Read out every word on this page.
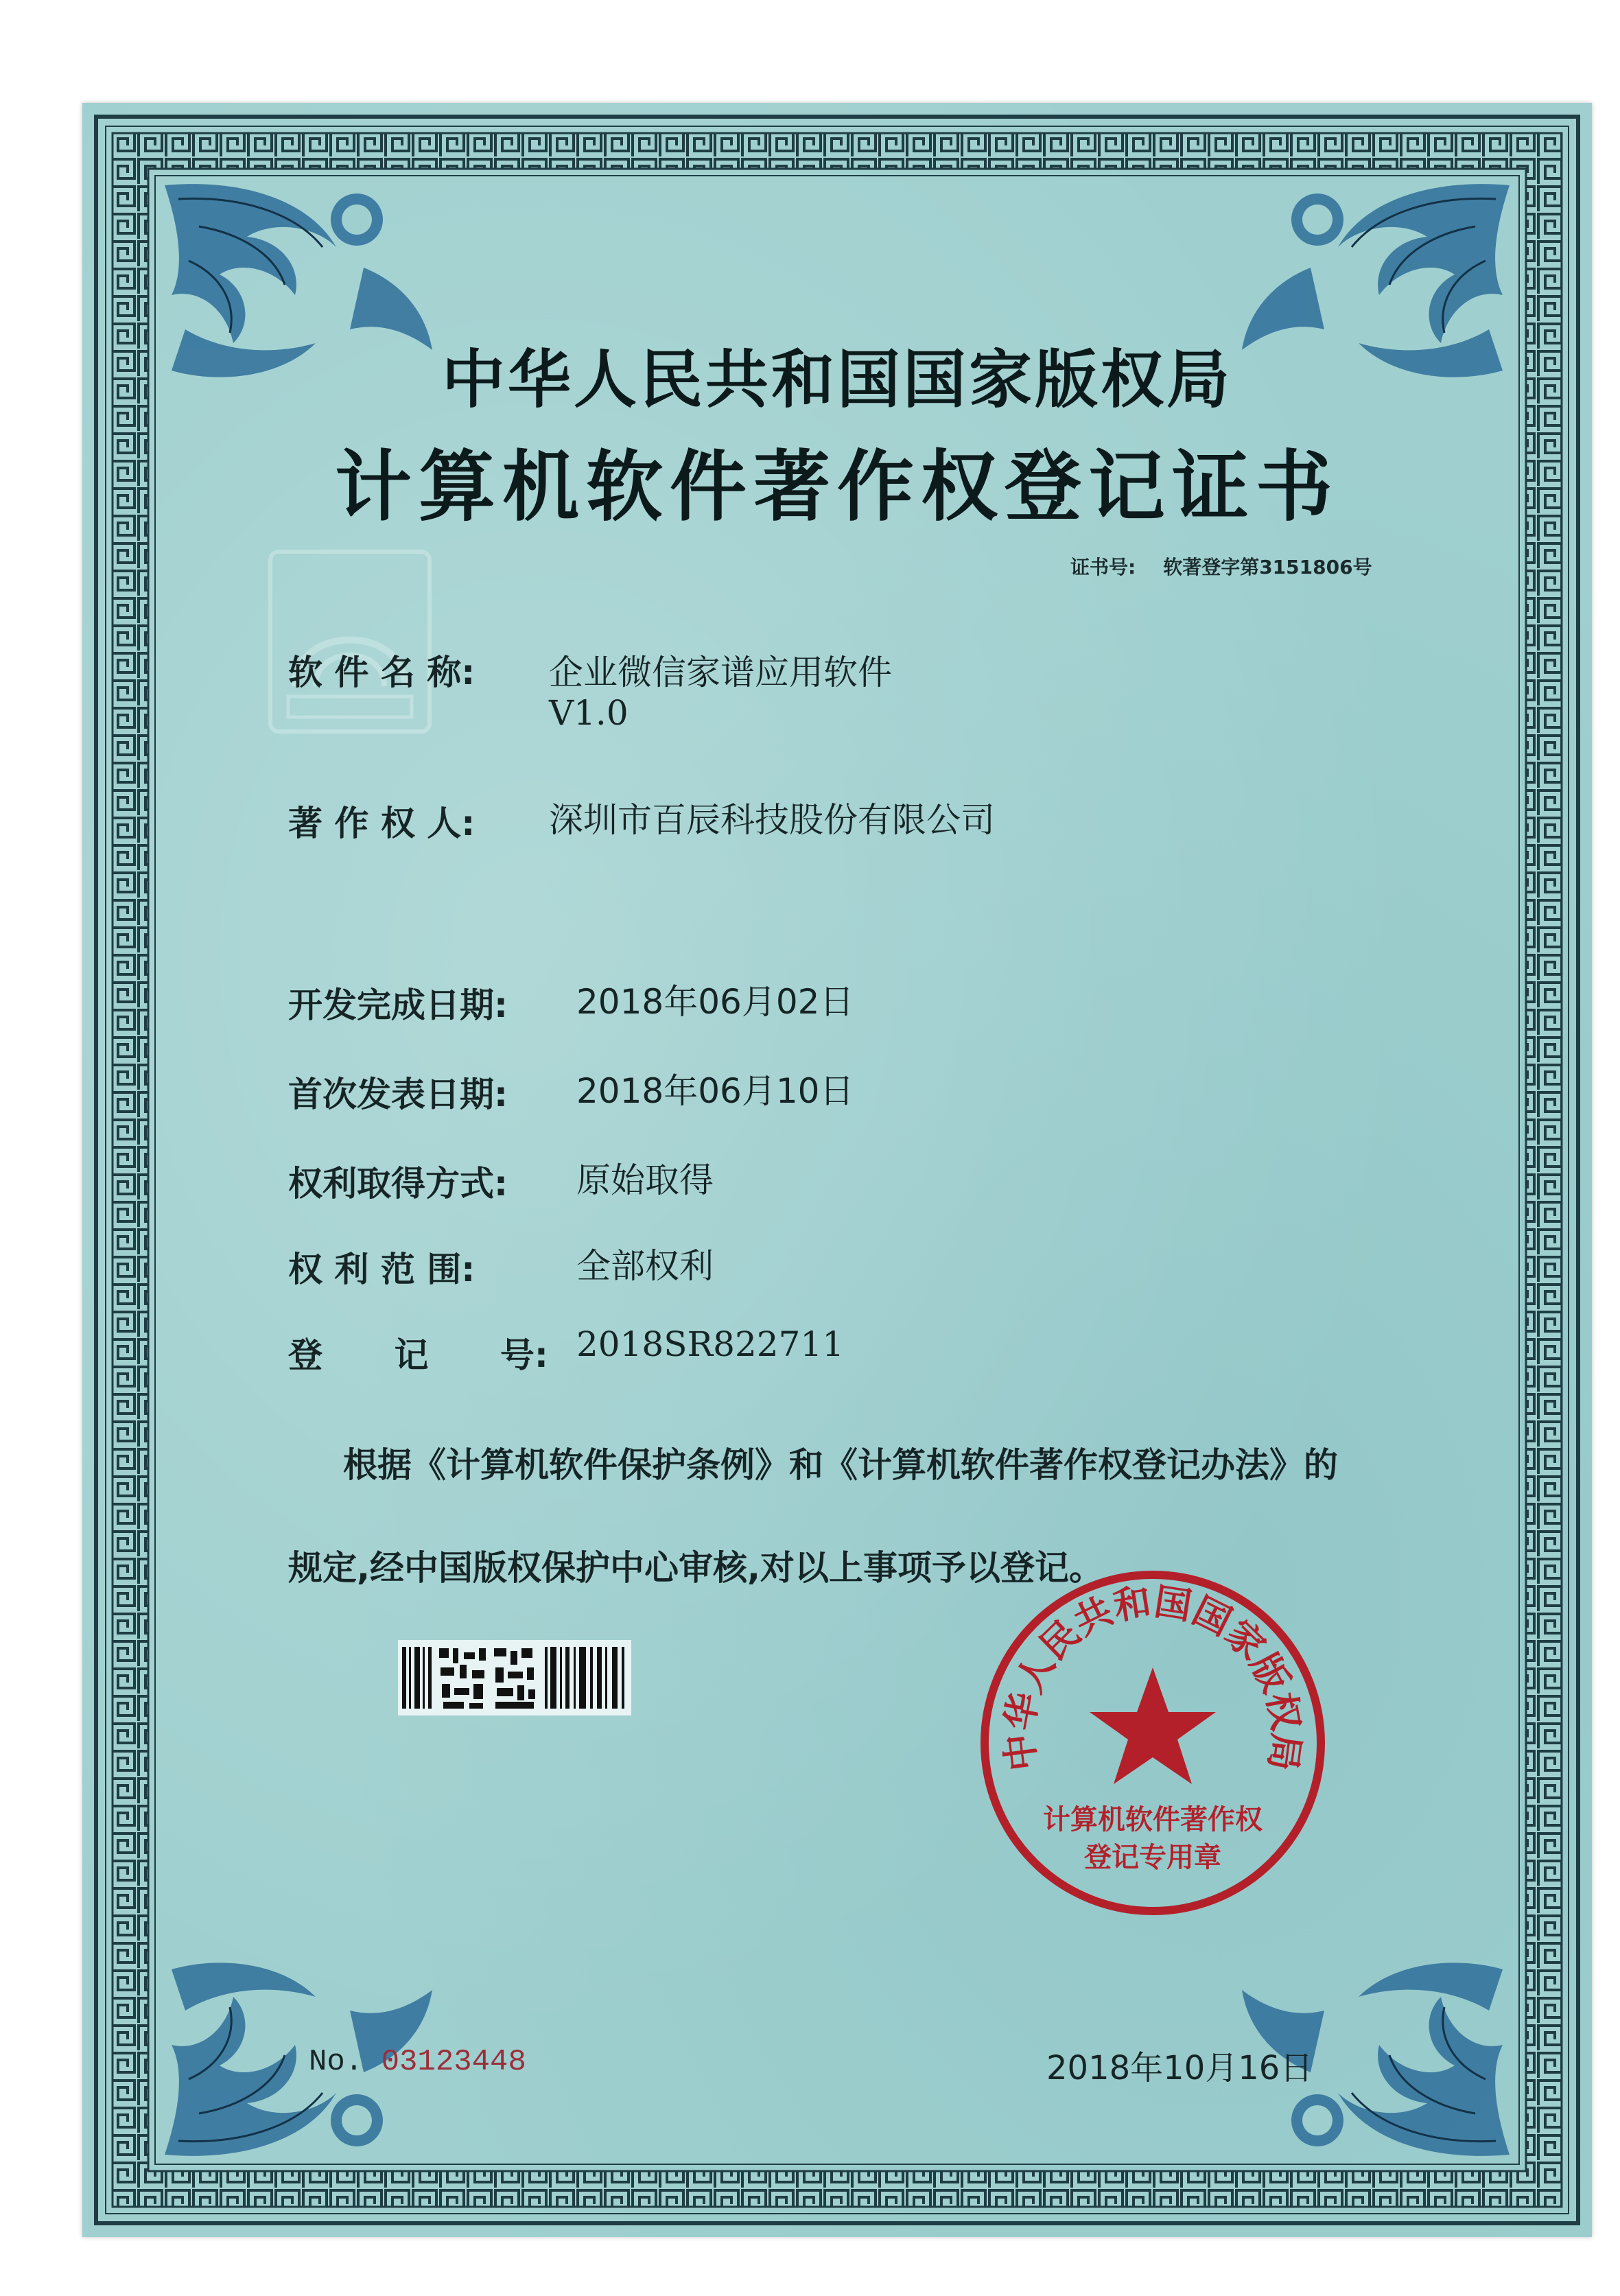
中华人民共和国国家版权局
计算机软件著作权登记证书
证书号: 软著登字第3151806号
软 件 名 称: 企业微信家谱应用软件
V1.0
著 作 权 人: 深圳市百辰科技股份有限公司
开发完成日期: 2018年06月02日
首次发表日期: 2018年06月10日
权利取得方式: 原始取得
权 利 范 围:	全部权利
登      记      号: 2018SR822711
根据《计算机软件保护条例》和《计算机软件著作权登记办法》的
规定,经中国版权保护中心审核,对以上事项予以登记。
中华人民共和国国家版权局
计算机软件著作权
登记专用章
No. 03123448	2018年10月16日
